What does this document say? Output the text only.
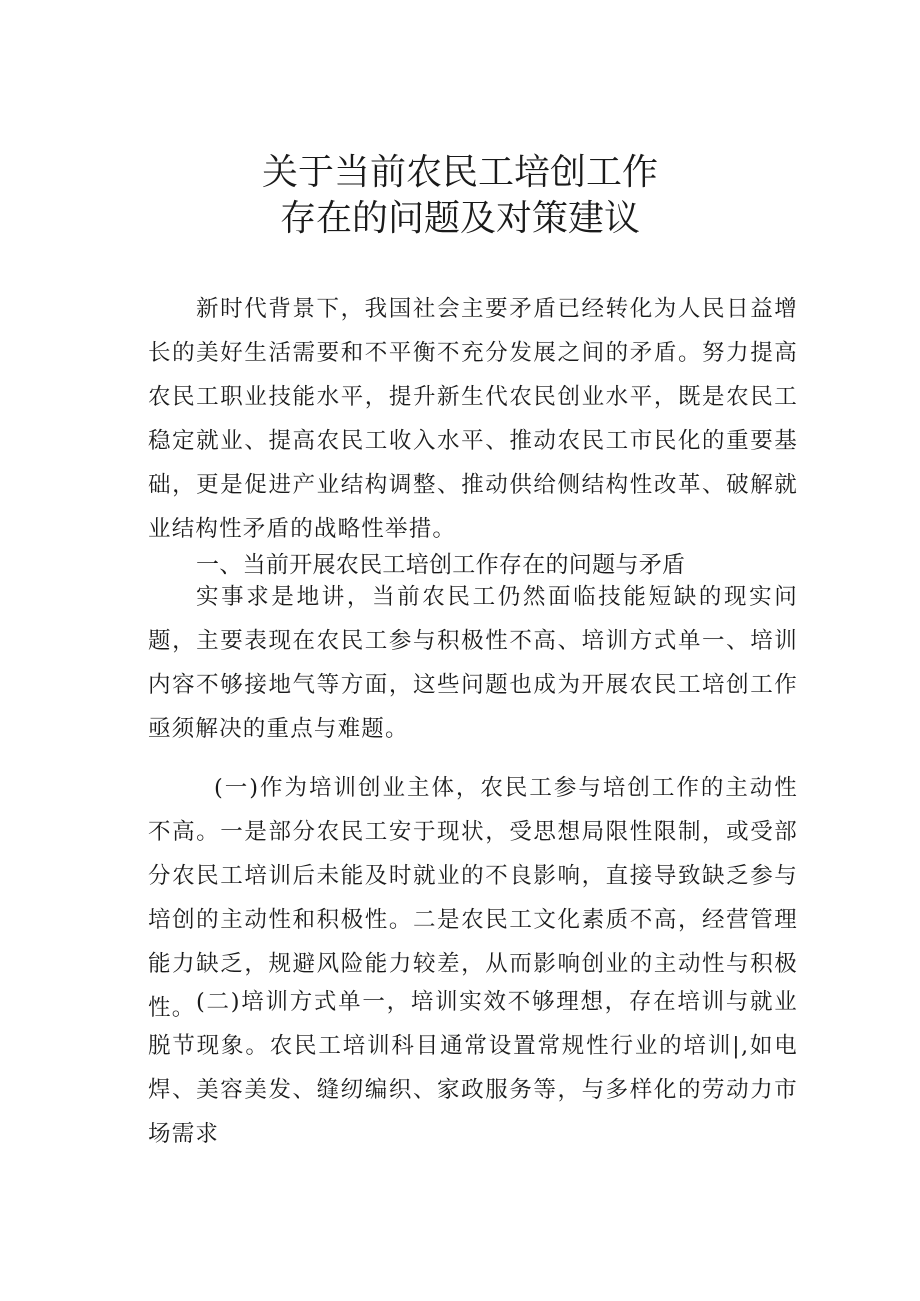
关于当前农民工培创工作
存在的问题及对策建议

新时代背景下，我国社会主要矛盾已经转化为人民日益增长的美好生活需要和不平衡不充分发展之间的矛盾。努力提高农民工职业技能水平，提升新生代农民创业水平，既是农民工稳定就业、提高农民工收入水平、推动农民工市民化的重要基础，更是促进产业结构调整、推动供给侧结构性改革、破解就业结构性矛盾的战略性举措。

一、当前开展农民工培创工作存在的问题与矛盾

实事求是地讲，当前农民工仍然面临技能短缺的现实问题，主要表现在农民工参与积极性不高、培训方式单一、培训内容不够接地气等方面，这些问题也成为开展农民工培创工作亟须解决的重点与难题。

(一)作为培训创业主体，农民工参与培创工作的主动性不高。一是部分农民工安于现状，受思想局限性限制，或受部分农民工培训后未能及时就业的不良影响，直接导致缺乏参与培创的主动性和积极性。二是农民工文化素质不高，经营管理能力缺乏，规避风险能力较差，从而影响创业的主动性与积极性。 (二)培训方式单一，培训实效不够理想，存在培训与就业脱节现象。农民工培训科目通常设置常规性行业的培训|,如电焊、美容美发、缝纫编织、家政服务等，与多样化的劳动力市场需求
